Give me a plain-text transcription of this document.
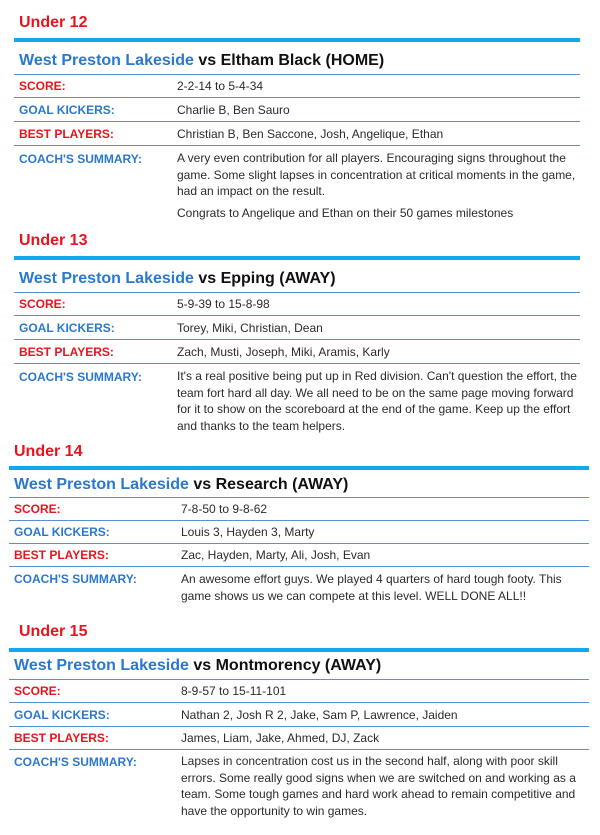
Under 12
West Preston Lakeside vs Eltham Black (HOME)
SCORE:	2-2-14 to 5-4-34
GOAL KICKERS:	Charlie B, Ben Sauro
BEST PLAYERS:	Christian B, Ben Saccone, Josh, Angelique, Ethan
COACH'S SUMMARY:	A very even contribution for all players. Encouraging signs throughout the game. Some slight lapses in concentration at critical moments in the game, had an impact on the result.
Congrats to Angelique and Ethan on their 50 games milestones
Under 13
West Preston Lakeside vs Epping (AWAY)
SCORE:	5-9-39 to 15-8-98
GOAL KICKERS:	Torey, Miki, Christian, Dean
BEST PLAYERS:	Zach, Musti, Joseph, Miki, Aramis, Karly
COACH'S SUMMARY:	It's a real positive being put up in Red division. Can't question the effort, the team fort hard all day. We all need to be on the same page moving forward for it to show on the scoreboard at the end of the game. Keep up the effort and thanks to the team helpers.
Under 14
West Preston Lakeside vs Research (AWAY)
SCORE:	7-8-50 to 9-8-62
GOAL KICKERS:	Louis 3, Hayden 3, Marty
BEST PLAYERS:	Zac, Hayden, Marty, Ali, Josh, Evan
COACH'S SUMMARY:	An awesome effort guys. We played 4 quarters of hard tough footy. This game shows us we can compete at this level. WELL DONE ALL!!
Under 15
West Preston Lakeside vs Montmorency (AWAY)
SCORE:	8-9-57 to 15-11-101
GOAL KICKERS:	Nathan 2, Josh R 2, Jake, Sam P, Lawrence, Jaiden
BEST PLAYERS:	James, Liam, Jake, Ahmed, DJ, Zack
COACH'S SUMMARY:	Lapses in concentration cost us in the second half, along with poor skill errors. Some really good signs when we are switched on and working as a team. Some tough games and hard work ahead to remain competitive and have the opportunity to win games.
